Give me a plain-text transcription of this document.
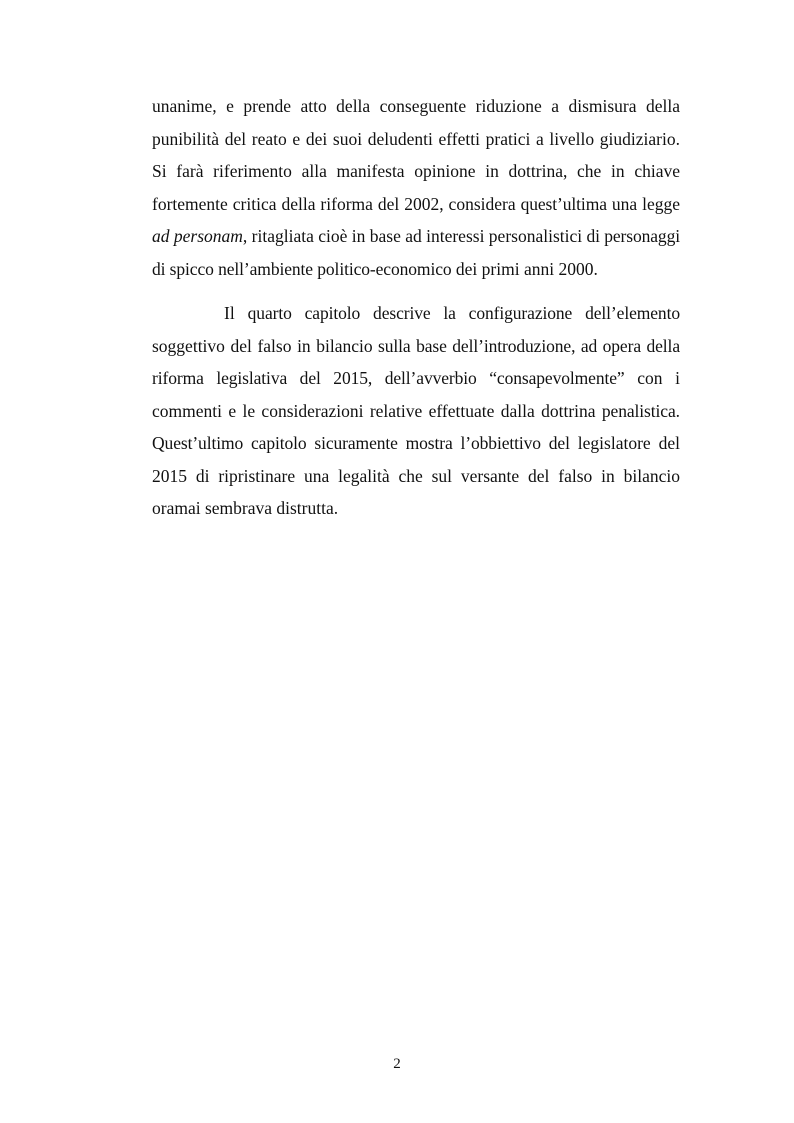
unanime, e prende atto della conseguente riduzione a dismisura della punibilità del reato e dei suoi deludenti effetti pratici a livello giudiziario. Si farà riferimento alla manifesta opinione in dottrina, che in chiave fortemente critica della riforma del 2002, considera quest’ultima una legge ad personam, ritagliata cioè in base ad interessi personalistici di personaggi di spicco nell’ambiente politico-economico dei primi anni 2000.

Il quarto capitolo descrive la configurazione dell’elemento soggettivo del falso in bilancio sulla base dell’introduzione, ad opera della riforma legislativa del 2015, dell’avverbio “consapevolmente” con i commenti e le considerazioni relative effettuate dalla dottrina penalistica. Quest’ultimo capitolo sicuramente mostra l’obbiettivo del legislatore del 2015 di ripristinare una legalità che sul versante del falso in bilancio oramai sembrava distrutta.

2
